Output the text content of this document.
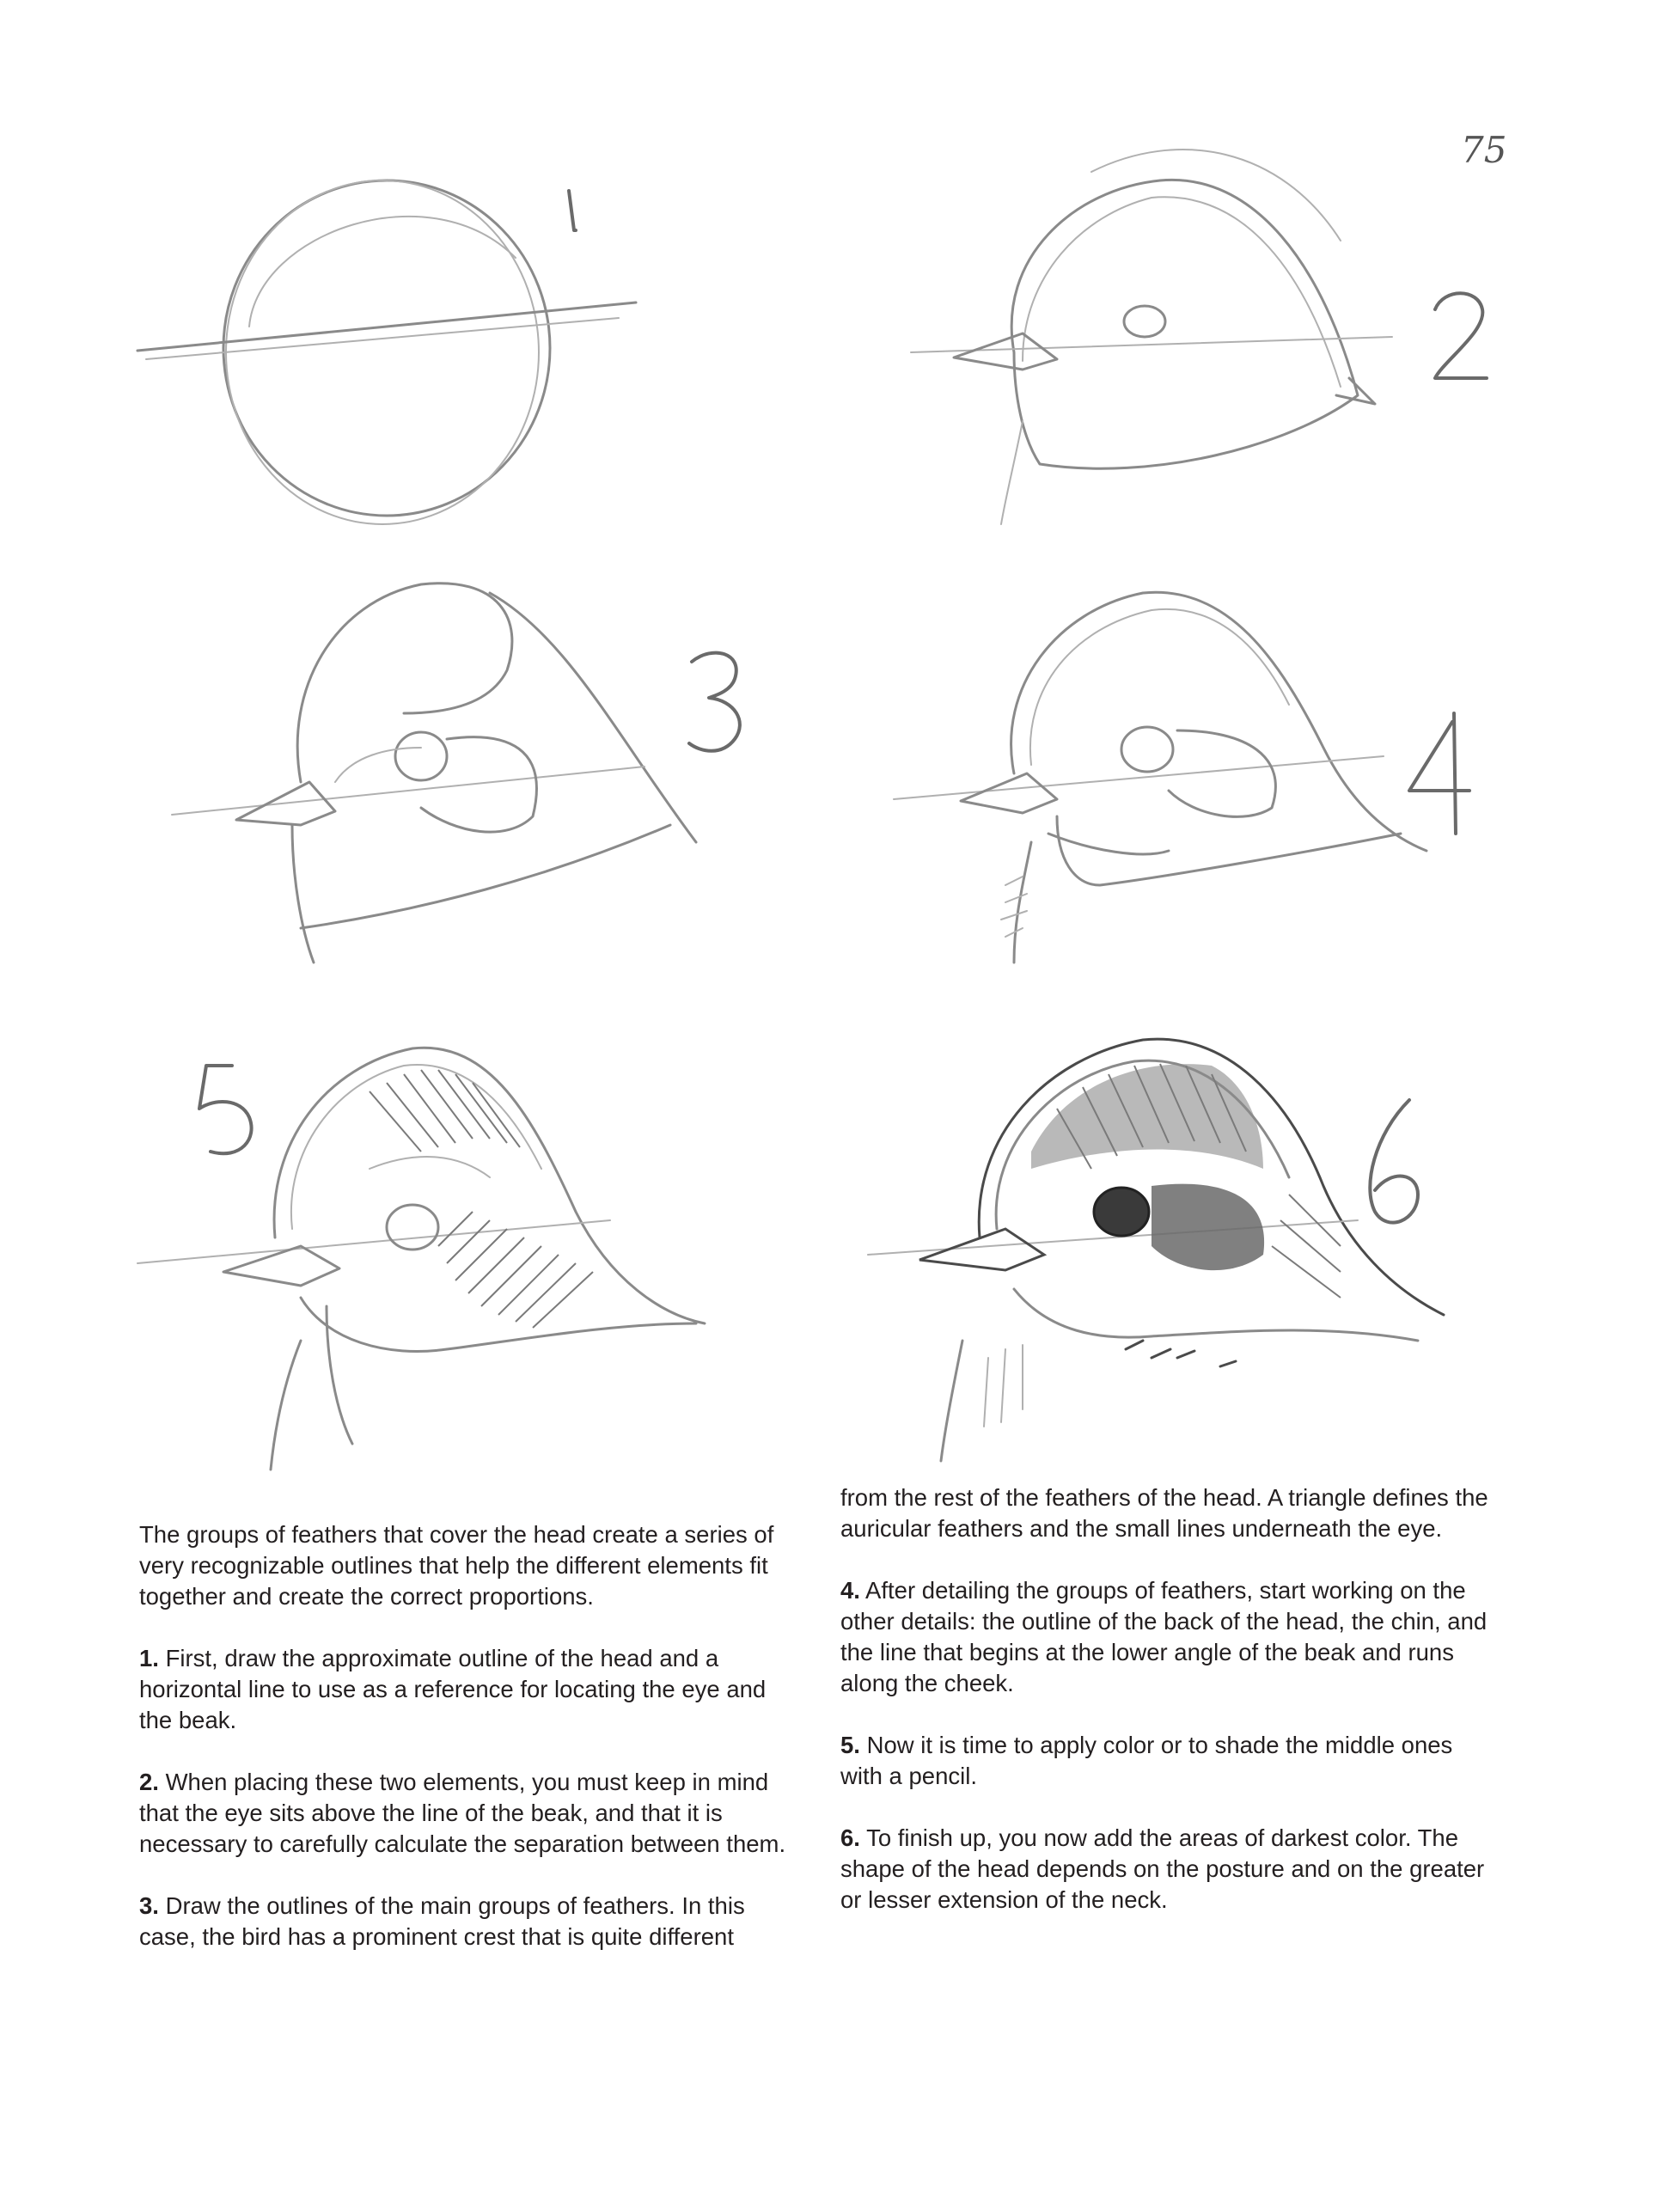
75

The groups of feathers that cover the head create a series of very recognizable outlines that help the different elements fit together and create the correct proportions.

1. First, draw the approximate outline of the head and a horizontal line to use as a reference for locating the eye and the beak.

2. When placing these two elements, you must keep in mind that the eye sits above the line of the beak, and that it is necessary to carefully calculate the separation between them.

3. Draw the outlines of the main groups of feathers. In this case, the bird has a prominent crest that is quite different

from the rest of the feathers of the head. A triangle defines the auricular feathers and the small lines underneath the eye.

4. After detailing the groups of feathers, start working on the other details: the outline of the back of the head, the chin, and the line that begins at the lower angle of the beak and runs along the cheek.

5. Now it is time to apply color or to shade the middle ones with a pencil.

6. To finish up, you now add the areas of darkest color. The shape of the head depends on the posture and on the greater or lesser extension of the neck.
